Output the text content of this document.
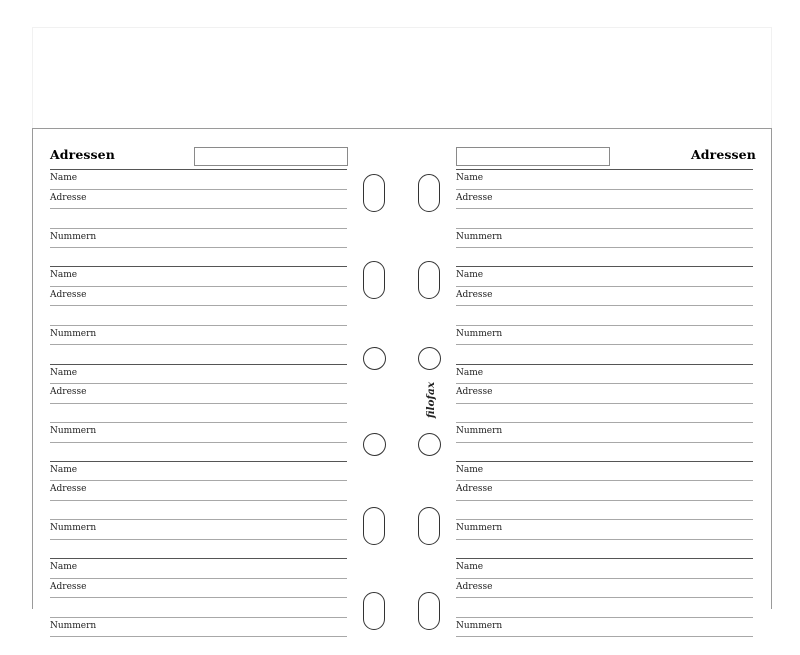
Adressen	Adressen
Name
Adresse
Nummern
Name
Adresse
Nummern
Name
Adresse
Nummern
Name
Adresse
Nummern
Name
Adresse
Nummern
Name
Adresse
Nummern
Name
Adresse
Nummern
Name
Adresse
Nummern
Name
Adresse
Nummern
Name
Adresse
Nummern
filofax
